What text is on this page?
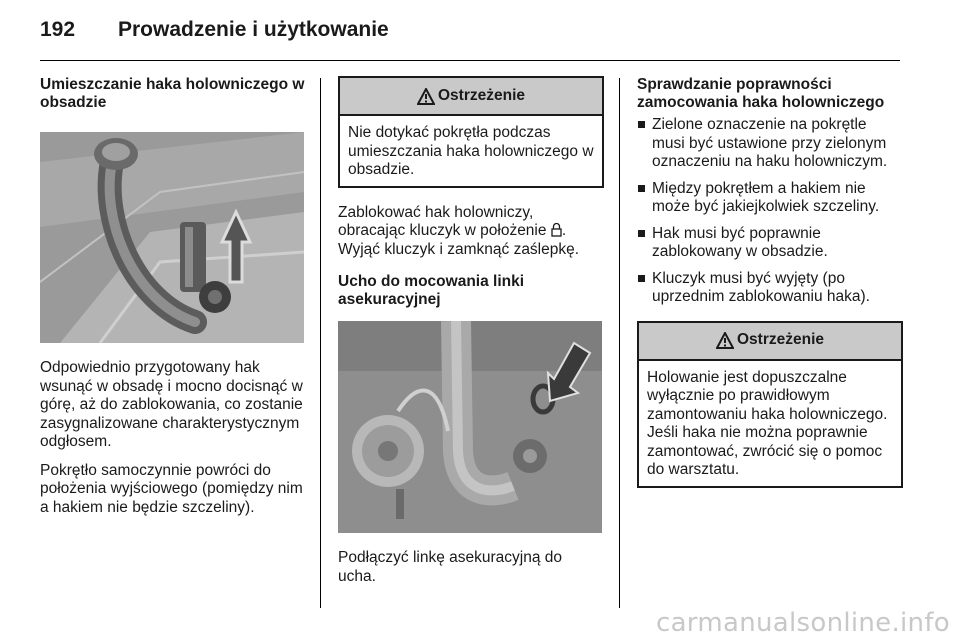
192	Prowadzenie i użytkowanie
Umieszczanie haka holowniczego w obsadzie
Odpowiednio przygotowany hak wsunąć w obsadę i mocno docisnąć w górę, aż do zablokowania, co zostanie zasygnalizowane charakterystycznym odgłosem.
Pokrętło samoczynnie powróci do położenia wyjściowego (pomiędzy nim a hakiem nie będzie szczeliny).
Ostrzeżenie
Nie dotykać pokrętła podczas umieszczania haka holowniczego w obsadzie.
Zablokować hak holowniczy, obracając kluczyk w położenie .
Wyjąć kluczyk i zamknąć zaślepkę.
Ucho do mocowania linki asekuracyjnej
Podłączyć linkę asekuracyjną do ucha.
Sprawdzanie poprawności zamocowania haka holowniczego
Zielone oznaczenie na pokrętle musi być ustawione przy zielonym oznaczeniu na haku holowniczym.
Między pokrętłem a hakiem nie może być jakiejkolwiek szczeliny.
Hak musi być poprawnie zablokowany w obsadzie.
Kluczyk musi być wyjęty (po uprzednim zablokowaniu haka).
Ostrzeżenie
Holowanie jest dopuszczalne wyłącznie po prawidłowym zamontowaniu haka holowniczego. Jeśli haka nie można poprawnie zamontować, zwrócić się o pomoc do warsztatu.
carmanualsonline.info
